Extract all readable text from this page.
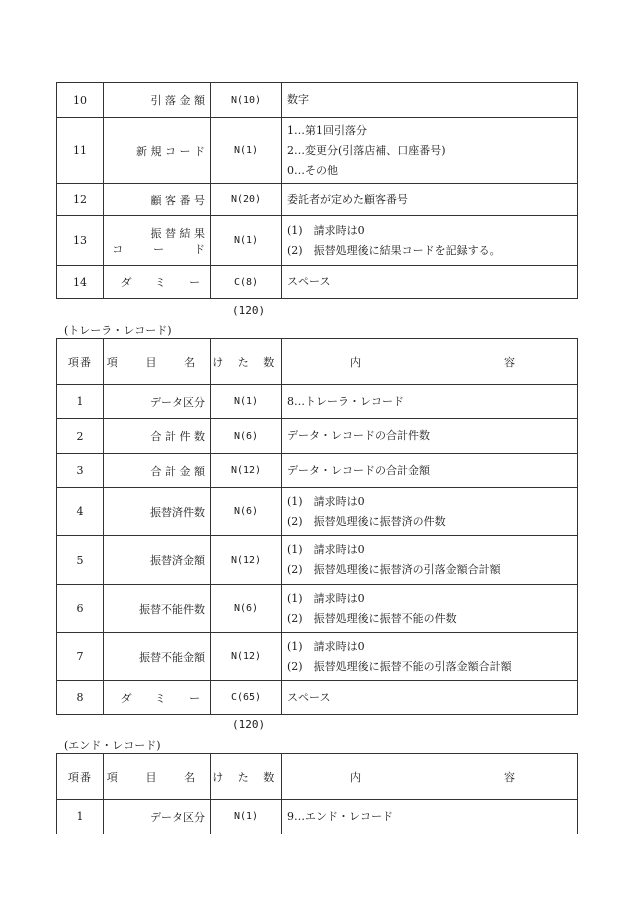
10	引 落 金 額	N(10)	数字

11	新 規 コ ー ド	N(1)	1…第1回引落分
2…変更分(引落店補、口座番号)
0…その他

12	顧 客 番 号	N(20)	委託者が定めた顧客番号

13	振 替 結 果
コ ー ド	N(1)	(1)　請求時は0
(2)　振替処理後に結果コードを記録する。

14	ダ ミ ー	C(8)	スペース
(120)
(トレーラ・レコード)
項番	項 目 名	け た 数	内 容

1	データ区分	N(1)	8…トレーラ・レコード

2	合 計 件 数	N(6)	データ・レコードの合計件数

3	合 計 金 額	N(12)	データ・レコードの合計金額

4	振替済件数	N(6)	(1)　請求時は0
(2)　振替処理後に振替済の件数

5	振替済金額	N(12)	(1)　請求時は0
(2)　振替処理後に振替済の引落金額合計額

6	振替不能件数	N(6)	(1)　請求時は0
(2)　振替処理後に振替不能の件数

7	振替不能金額	N(12)	(1)　請求時は0
(2)　振替処理後に振替不能の引落金額合計額

8	ダ ミ ー	C(65)	スペース
(120)
(エンド・レコード)
項番	項 目 名	け た 数	内 容

1	データ区分	N(1)	9…エンド・レコード
